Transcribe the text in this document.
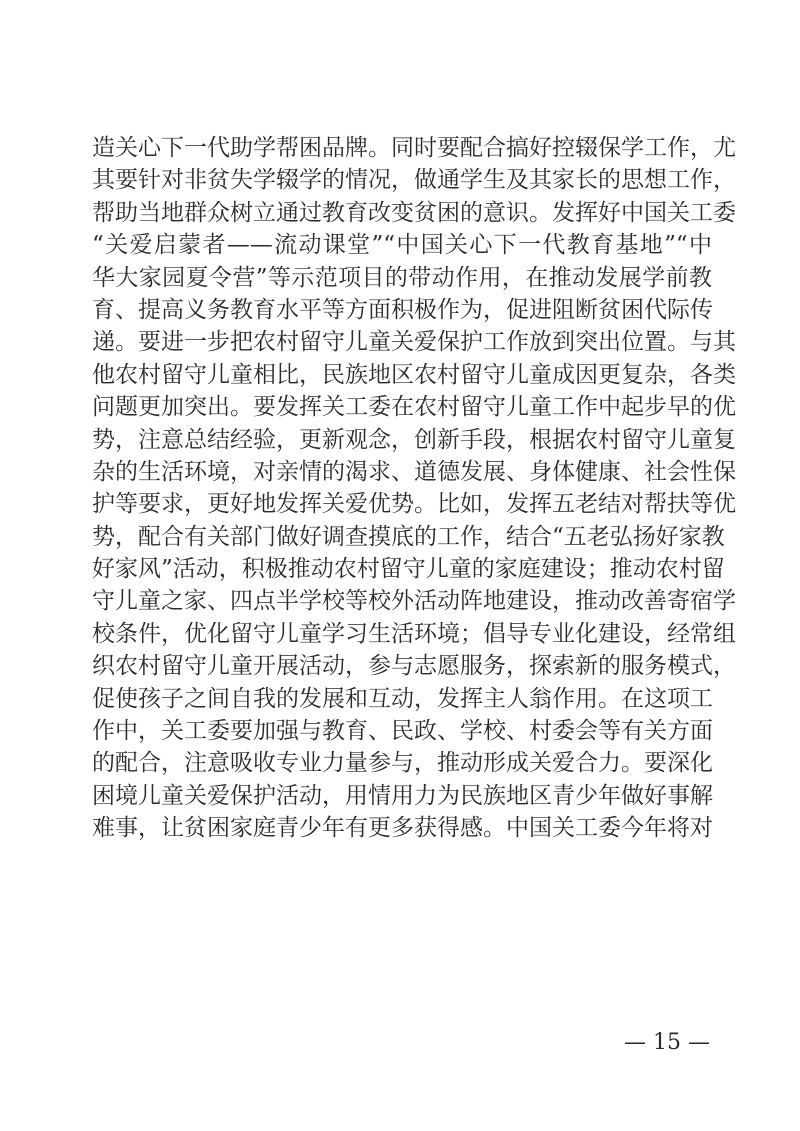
造关心下一代助学帮困品牌。同时要配合搞好控辍保学工作，尤
其要针对非贫失学辍学的情况，做通学生及其家长的思想工作，
帮助当地群众树立通过教育改变贫困的意识。发挥好中国关工委
“关爱启蒙者——流动课堂”“中国关心下一代教育基地”“中
华大家园夏令营”等示范项目的带动作用，在推动发展学前教
育、提高义务教育水平等方面积极作为，促进阻断贫困代际传
递。要进一步把农村留守儿童关爱保护工作放到突出位置。与其
他农村留守儿童相比，民族地区农村留守儿童成因更复杂，各类
问题更加突出。要发挥关工委在农村留守儿童工作中起步早的优
势，注意总结经验，更新观念，创新手段，根据农村留守儿童复
杂的生活环境，对亲情的渴求、道德发展、身体健康、社会性保
护等要求，更好地发挥关爱优势。比如，发挥五老结对帮扶等优
势，配合有关部门做好调查摸底的工作，结合“五老弘扬好家教
好家风”活动，积极推动农村留守儿童的家庭建设；推动农村留
守儿童之家、四点半学校等校外活动阵地建设，推动改善寄宿学
校条件，优化留守儿童学习生活环境；倡导专业化建设，经常组
织农村留守儿童开展活动，参与志愿服务，探索新的服务模式，
促使孩子之间自我的发展和互动，发挥主人翁作用。在这项工
作中，关工委要加强与教育、民政、学校、村委会等有关方面
的配合，注意吸收专业力量参与，推动形成关爱合力。要深化
困境儿童关爱保护活动，用情用力为民族地区青少年做好事解
难事，让贫困家庭青少年有更多获得感。中国关工委今年将对
— 15 —
